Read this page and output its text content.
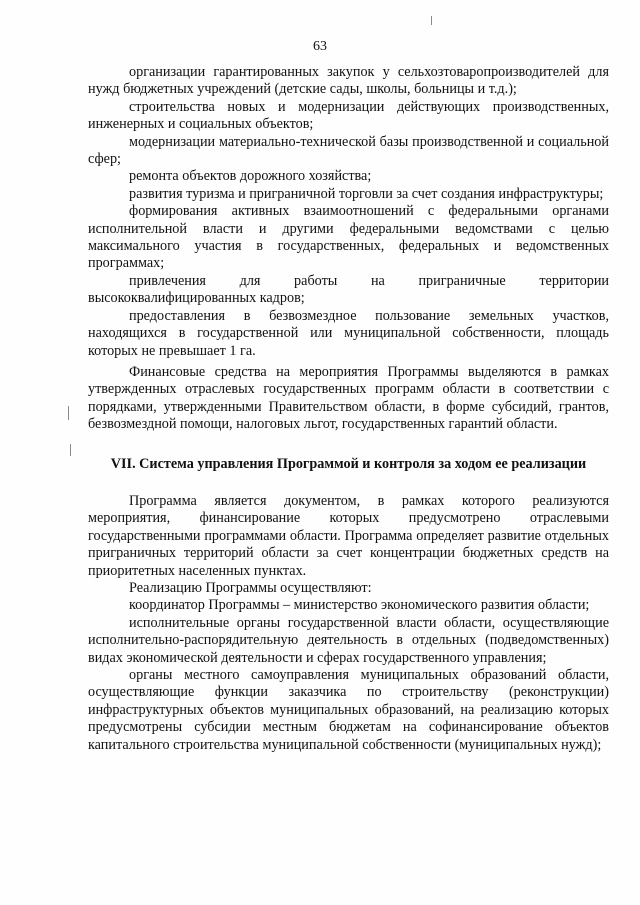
63

организации гарантированных закупок у сельхозтоваропроизводителей для нужд бюджетных учреждений (детские сады, школы, больницы и т.д.);

строительства новых и модернизации действующих производственных, инженерных и социальных объектов;

модернизации материально-технической базы производственной и социальной сфер;

ремонта объектов дорожного хозяйства;

развития туризма и приграничной торговли за счет создания инфраструктуры;

формирования активных взаимоотношений с федеральными органами исполнительной власти и другими федеральными ведомствами с целью максимального участия в государственных, федеральных и ведомственных программах;

привлечения для работы на приграничные территории высококвалифицированных кадров;

предоставления в безвозмездное пользование земельных участков, находящихся в государственной или муниципальной собственности, площадь которых не превышает 1 га.

Финансовые средства на мероприятия Программы выделяются в рамках утвержденных отраслевых государственных программ области в соответствии с порядками, утвержденными Правительством области, в форме субсидий, грантов, безвозмездной помощи, налоговых льгот, государственных гарантий области.

VII. Система управления Программой и контроля за ходом ее реализации

Программа является документом, в рамках которого реализуются мероприятия, финансирование которых предусмотрено отраслевыми государственными программами области. Программа определяет развитие отдельных приграничных территорий области за счет концентрации бюджетных средств на приоритетных населенных пунктах.

Реализацию Программы осуществляют:

координатор Программы – министерство экономического развития области;

исполнительные органы государственной власти области, осуществляющие исполнительно-распорядительную деятельность в отдельных (подведомственных) видах экономической деятельности и сферах государственного управления;

органы местного самоуправления муниципальных образований области, осуществляющие функции заказчика по строительству (реконструкции) инфраструктурных объектов муниципальных образований, на реализацию которых предусмотрены субсидии местным бюджетам на софинансирование объектов капитального строительства муниципальной собственности (муниципальных нужд);
